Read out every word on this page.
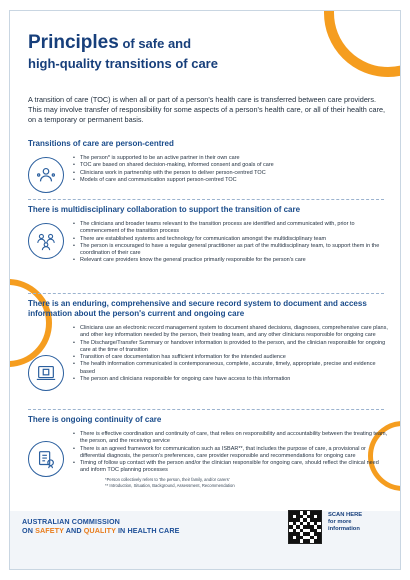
Principles of safe and
high-quality transitions of care

A transition of care (TOC) is when all or part of a person's health care is transferred between care providers. This may involve transfer of responsibility for some aspects of a person's health care, or all of their health care, on a temporary or permanent basis.

Transitions of care are person-centred
• The person* is supported to be an active partner in their own care
• TOC are based on shared decision-making, informed consent and goals of care
• Clinicians work in partnership with the person to deliver person-centred TOC
• Models of care and communication support person-centred TOC
There is multidisciplinary collaboration to support the transition of care
• The clinicians and broader teams relevant to the transition process are identified and communicated with, prior to commencement of the transition process
• There are established systems and technology for communication amongst the multidisciplinary team
• The person is encouraged to have a regular general practitioner as part of the multidisciplinary team, to support them in the coordination of their care
• Relevant care providers know the general practice primarily responsible for the person's care
There is an enduring, comprehensive and secure record system to document and access information about the person's current and ongoing care
• Clinicians use an electronic record management system to document shared decisions, diagnoses, comprehensive care plans, and other key information needed by the person, their treating team, and any other clinicians responsible for ongoing care
• The Discharge/Transfer Summary or handover information is provided to the person, and the clinician responsible for ongoing care at the time of transition
• Transition of care documentation has sufficient information for the intended audience
• The health information communicated is contemporaneous, complete, accurate, timely, appropriate, precise and evidence based
• The person and clinicians responsible for ongoing care have access to this information
There is ongoing continuity of care
• There is effective coordination and continuity of care, that relies on responsibility and accountability between the treating team, the person, and the receiving service
• There is an agreed framework for communication such as ISBAR**, that includes the purpose of care, a provisional or differential diagnosis, the person's preferences, care provider responsible and recommendations for ongoing care
• Timing of follow up contact with the person and/or the clinician responsible for ongoing care, should reflect the clinical need and inform TOC planning processes
*Person collectively refers to 'the person, their family, and/or carers'
** Introduction, Situation, Background, Assessment, Recommendation
AUSTRALIAN COMMISSION
ON SAFETY AND QUALITY IN HEALTH CARE
SCAN HERE
for more
information
